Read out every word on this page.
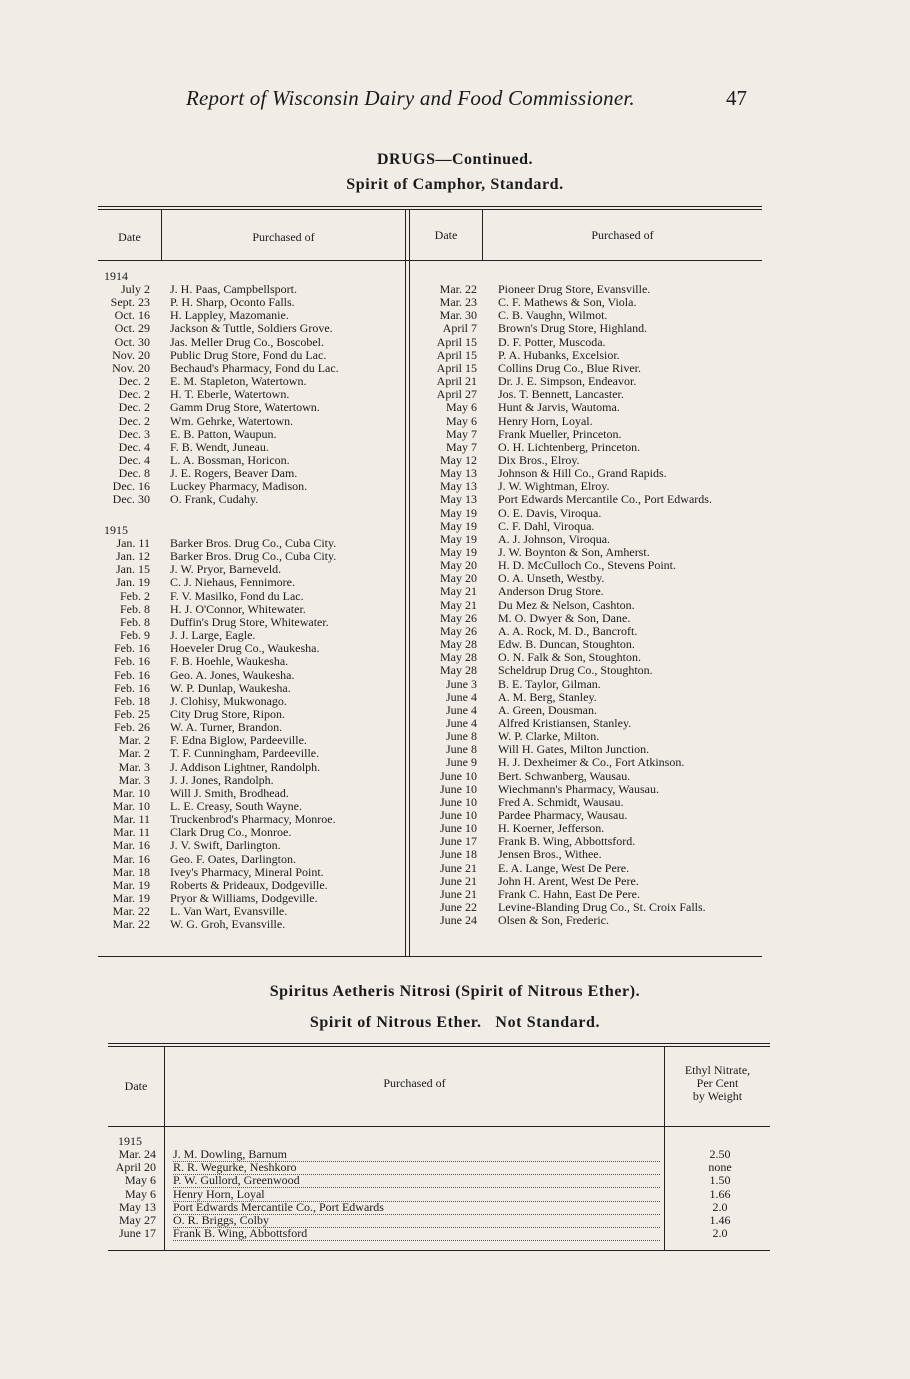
Report of Wisconsin Dairy and Food Commissioner.	47
DRUGS—Continued.
Spirit of Camphor, Standard.
Date	Purchased of	Date	Purchased of
1914
1915
July 2 J. H. Paas, Campbellsport.
Sept. 23 P. H. Sharp, Oconto Falls.
Oct. 16 H. Lappley, Mazomanie.
Oct. 29 Jackson & Tuttle, Soldiers Grove.
Oct. 30 Jas. Meller Drug Co., Boscobel.
Nov. 20 Public Drug Store, Fond du Lac.
Nov. 20 Bechaud's Pharmacy, Fond du Lac.
Dec. 2 E. M. Stapleton, Watertown.
Dec. 2 H. T. Eberle, Watertown.
Dec. 2 Gamm Drug Store, Watertown.
Dec. 2 Wm. Gehrke, Watertown.
Dec. 3 E. B. Patton, Waupun.
Dec. 4 F. B. Wendt, Juneau.
Dec. 4 L. A. Bossman, Horicon.
Dec. 8 J. E. Rogers, Beaver Dam.
Dec. 16 Luckey Pharmacy, Madison.
Dec. 30 O. Frank, Cudahy.
Jan. 11 Barker Bros. Drug Co., Cuba City.
Jan. 12 Barker Bros. Drug Co., Cuba City.
Jan. 15 J. W. Pryor, Barneveld.
Jan. 19 C. J. Niehaus, Fennimore.
Feb. 2 F. V. Masilko, Fond du Lac.
Feb. 8 H. J. O'Connor, Whitewater.
Feb. 8 Duffin's Drug Store, Whitewater.
Feb. 9 J. J. Large, Eagle.
Feb. 16 Hoeveler Drug Co., Waukesha.
Feb. 16 F. B. Hoehle, Waukesha.
Feb. 16 Geo. A. Jones, Waukesha.
Feb. 16 W. P. Dunlap, Waukesha.
Feb. 18 J. Clohisy, Mukwonago.
Feb. 25 City Drug Store, Ripon.
Feb. 26 W. A. Turner, Brandon.
Mar. 2 F. Edna Biglow, Pardeeville.
Mar. 2 T. F. Cunningham, Pardeeville.
Mar. 3 J. Addison Lightner, Randolph.
Mar. 3 J. J. Jones, Randolph.
Mar. 10 Will J. Smith, Brodhead.
Mar. 10 L. E. Creasy, South Wayne.
Mar. 11 Truckenbrod's Pharmacy, Monroe.
Mar. 11 Clark Drug Co., Monroe.
Mar. 16 J. V. Swift, Darlington.
Mar. 16 Geo. F. Oates, Darlington.
Mar. 18 Ivey's Pharmacy, Mineral Point.
Mar. 19 Roberts & Prideaux, Dodgeville.
Mar. 19 Pryor & Williams, Dodgeville.
Mar. 22 L. Van Wart, Evansville.
Mar. 22 W. G. Groh, Evansville.
Mar. 22 Pioneer Drug Store, Evansville.
Mar. 23 C. F. Mathews & Son, Viola.
Mar. 30 C. B. Vaughn, Wilmot.
April 7 Brown's Drug Store, Highland.
April 15 D. F. Potter, Muscoda.
April 15 P. A. Hubanks, Excelsior.
April 15 Collins Drug Co., Blue River.
April 21 Dr. J. E. Simpson, Endeavor.
April 27 Jos. T. Bennett, Lancaster.
May 6 Hunt & Jarvis, Wautoma.
May 6 Henry Horn, Loyal.
May 7 Frank Mueller, Princeton.
May 7 O. H. Lichtenberg, Princeton.
May 12 Dix Bros., Elroy.
May 13 Johnson & Hill Co., Grand Rapids.
May 13 J. W. Wightman, Elroy.
May 13 Port Edwards Mercantile Co., Port Edwards.
May 19 O. E. Davis, Viroqua.
May 19 C. F. Dahl, Viroqua.
May 19 A. J. Johnson, Viroqua.
May 19 J. W. Boynton & Son, Amherst.
May 20 H. D. McCulloch Co., Stevens Point.
May 20 O. A. Unseth, Westby.
May 21 Anderson Drug Store.
May 21 Du Mez & Nelson, Cashton.
May 26 M. O. Dwyer & Son, Dane.
May 26 A. A. Rock, M. D., Bancroft.
May 28 Edw. B. Duncan, Stoughton.
May 28 O. N. Falk & Son, Stoughton.
May 28 Scheldrup Drug Co., Stoughton.
June 3 B. E. Taylor, Gilman.
June 4 A. M. Berg, Stanley.
June 4 A. Green, Dousman.
June 4 Alfred Kristiansen, Stanley.
June 8 W. P. Clarke, Milton.
June 8 Will H. Gates, Milton Junction.
June 9 H. J. Dexheimer & Co., Fort Atkinson.
June 10 Bert. Schwanberg, Wausau.
June 10 Wiechmann's Pharmacy, Wausau.
June 10 Fred A. Schmidt, Wausau.
June 10 Pardee Pharmacy, Wausau.
June 10 H. Koerner, Jefferson.
June 17 Frank B. Wing, Abbottsford.
June 18 Jensen Bros., Withee.
June 21 E. A. Lange, West De Pere.
June 21 John H. Arent, West De Pere.
June 21 Frank C. Hahn, East De Pere.
June 22 Levine-Blanding Drug Co., St. Croix Falls.
June 24 Olsen & Son, Frederic.
Spiritus Aetheris Nitrosi (Spirit of Nitrous Ether).
Spirit of Nitrous Ether.   Not Standard.
Date	Purchased of
Ethyl Nitrate,
Per Cent
by Weight
1915
Mar. 24 J. M. Dowling, Barnum	2.50
April 20 R. R. Wegurke, Neshkoro	none
May 6 P. W. Gullord, Greenwood	1.50
May 6 Henry Horn, Loyal	1.66
May 13 Port Edwards Mercantile Co., Port Edwards	2.0
May 27 O. R. Briggs, Colby	1.46
June 17 Frank B. Wing, Abbottsford	2.0
